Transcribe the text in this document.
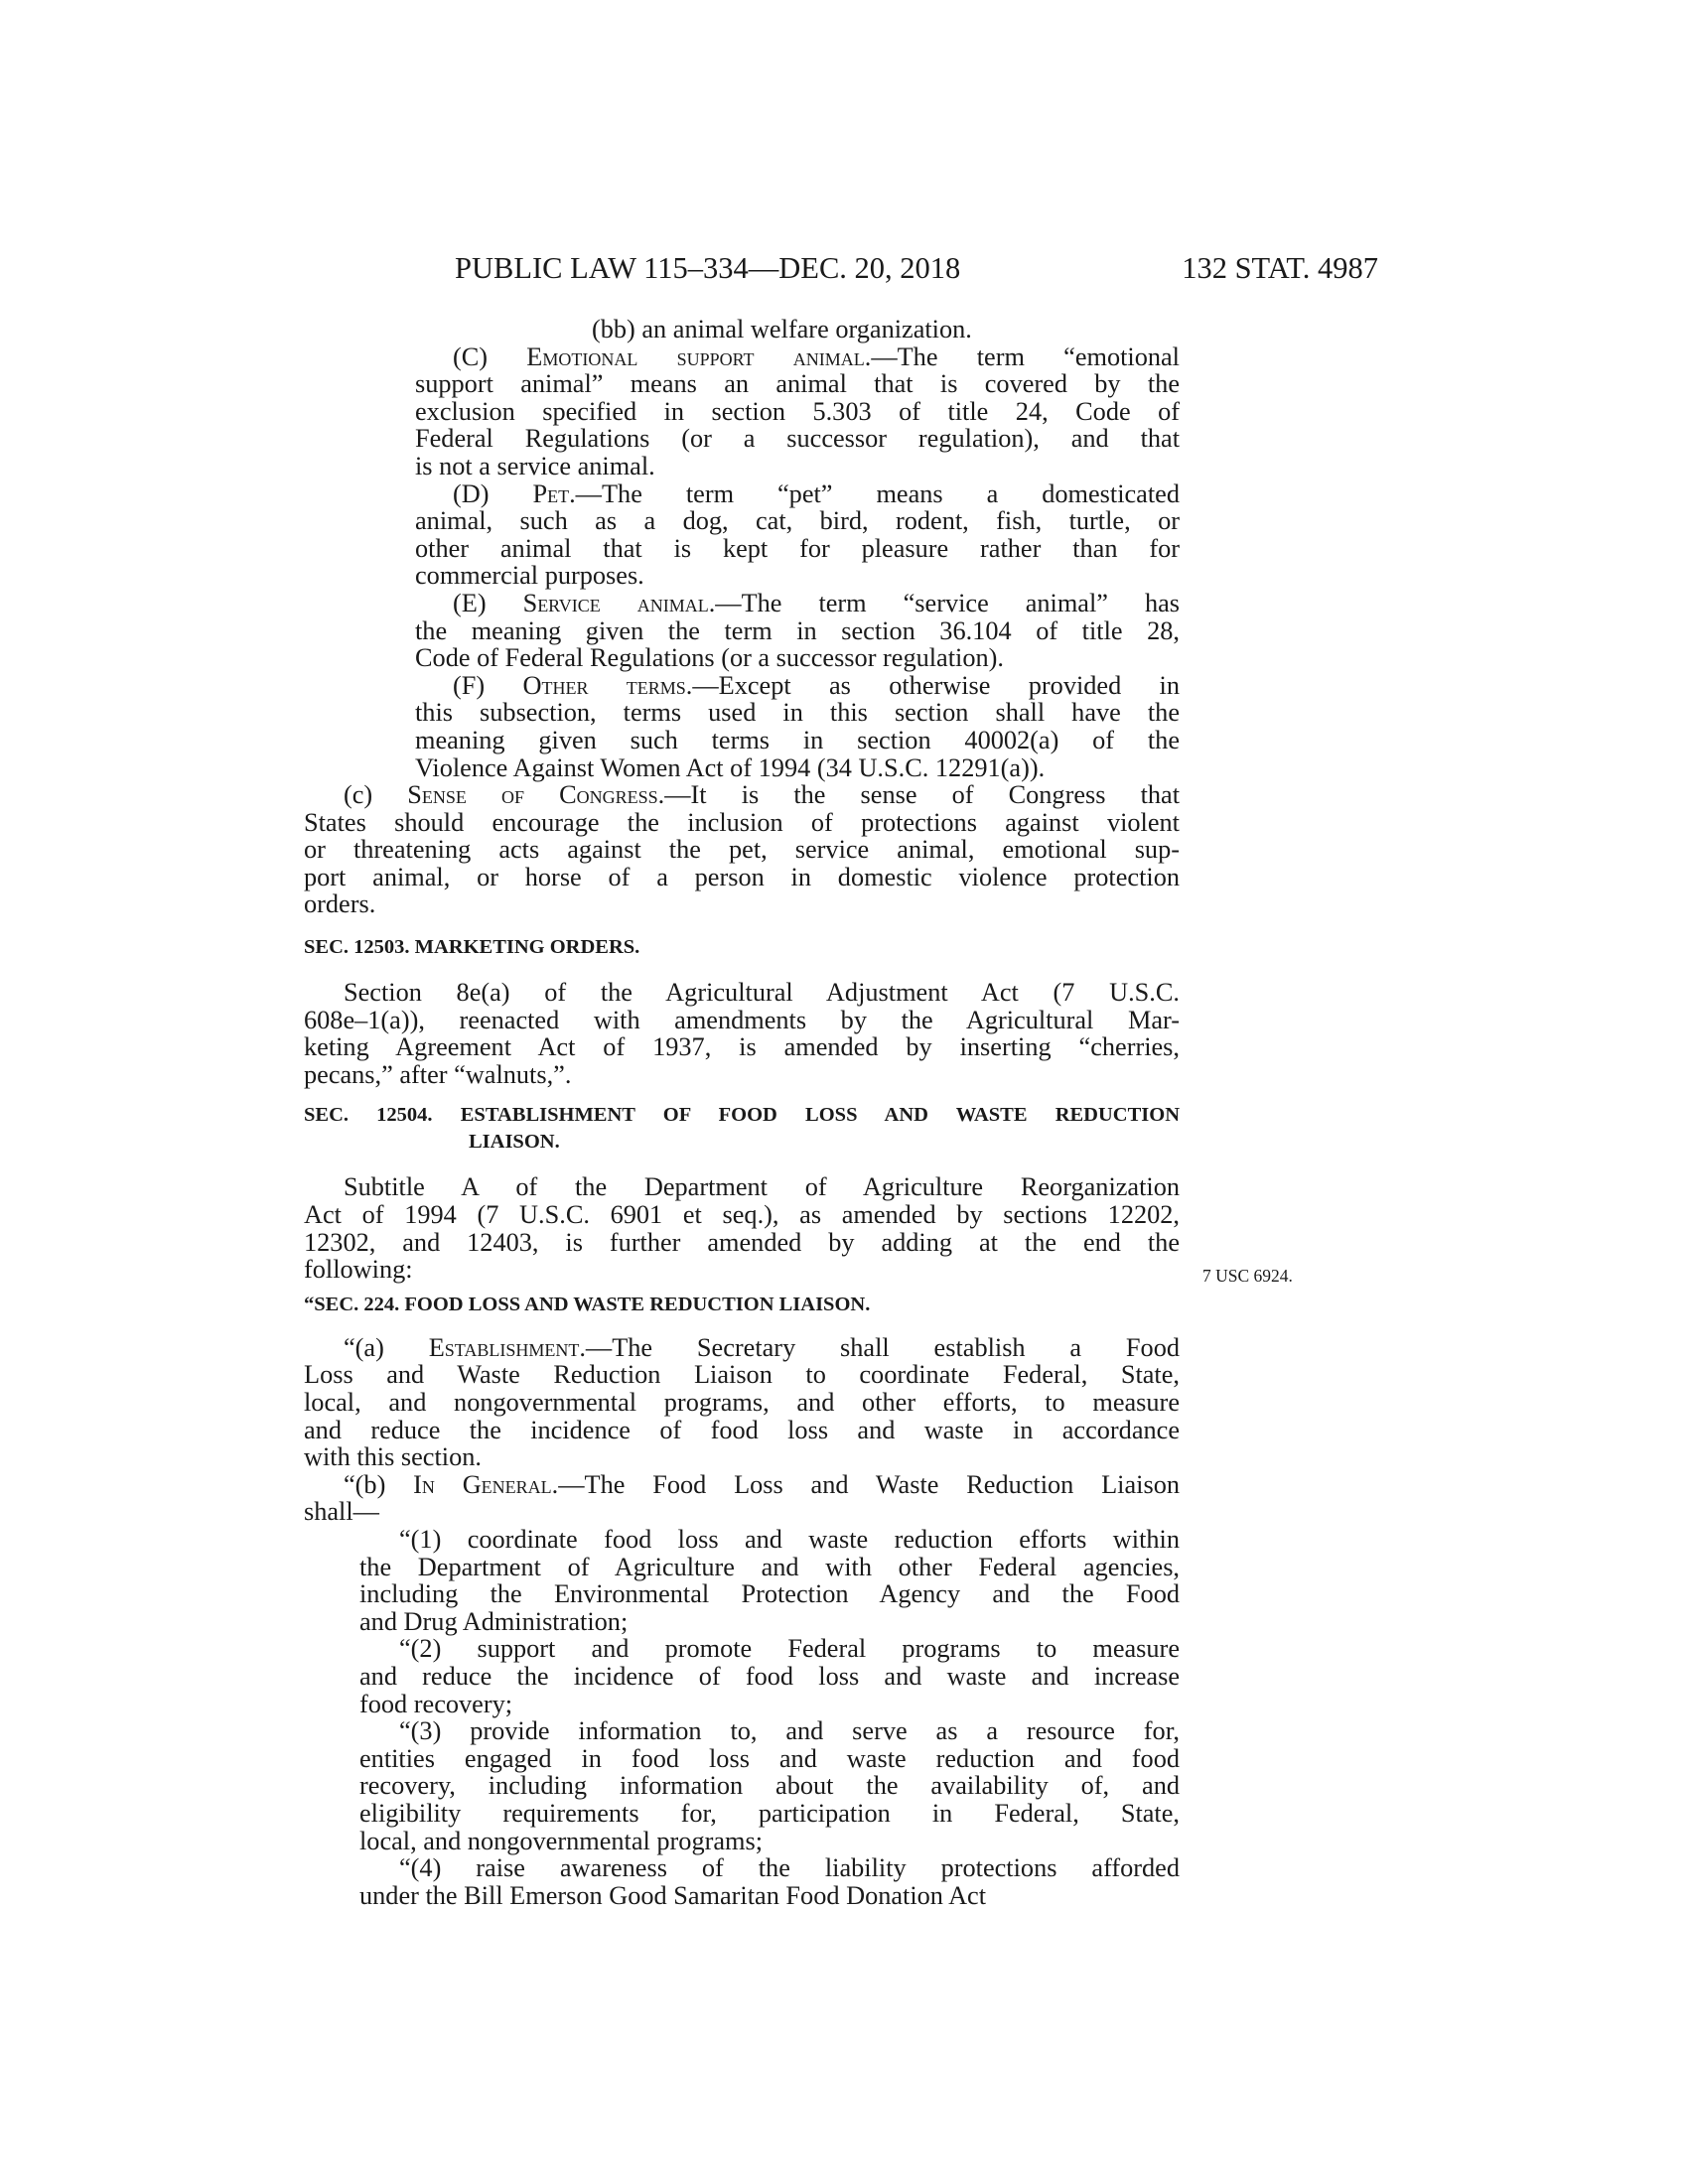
PUBLIC LAW 115–334—DEC. 20, 2018	132 STAT. 4987
7 USC 6924.
(bb) an animal welfare organization.
(C) Emotional support animal.—The term “emotional
support animal” means an animal that is covered by the
exclusion specified in section 5.303 of title 24, Code of
Federal Regulations (or a successor regulation), and that
is not a service animal.
(D) Pet.—The term “pet” means a domesticated
animal, such as a dog, cat, bird, rodent, fish, turtle, or
other animal that is kept for pleasure rather than for
commercial purposes.
(E) Service animal.—The term “service animal” has
the meaning given the term in section 36.104 of title 28,
Code of Federal Regulations (or a successor regulation).
(F) Other terms.—Except as otherwise provided in
this subsection, terms used in this section shall have the
meaning given such terms in section 40002(a) of the
Violence Against Women Act of 1994 (34 U.S.C. 12291(a)).
(c) Sense of Congress.—It is the sense of Congress that
States should encourage the inclusion of protections against violent
or threatening acts against the pet, service animal, emotional sup-
port animal, or horse of a person in domestic violence protection
orders.
SEC. 12503. MARKETING ORDERS.
Section 8e(a) of the Agricultural Adjustment Act (7 U.S.C.
608e–1(a)), reenacted with amendments by the Agricultural Mar-
keting Agreement Act of 1937, is amended by inserting “cherries,
pecans,” after “walnuts,”.
SEC. 12504. ESTABLISHMENT OF FOOD LOSS AND WASTE REDUCTION
LIAISON.
Subtitle A of the Department of Agriculture Reorganization
Act of 1994 (7 U.S.C. 6901 et seq.), as amended by sections 12202,
12302, and 12403, is further amended by adding at the end the
following:
“SEC. 224. FOOD LOSS AND WASTE REDUCTION LIAISON.
“(a) Establishment.—The Secretary shall establish a Food
Loss and Waste Reduction Liaison to coordinate Federal, State,
local, and nongovernmental programs, and other efforts, to measure
and reduce the incidence of food loss and waste in accordance
with this section.
“(b) In General.—The Food Loss and Waste Reduction Liaison
shall—
“(1) coordinate food loss and waste reduction efforts within
the Department of Agriculture and with other Federal agencies,
including the Environmental Protection Agency and the Food
and Drug Administration;
“(2) support and promote Federal programs to measure
and reduce the incidence of food loss and waste and increase
food recovery;
“(3) provide information to, and serve as a resource for,
entities engaged in food loss and waste reduction and food
recovery, including information about the availability of, and
eligibility requirements for, participation in Federal, State,
local, and nongovernmental programs;
“(4) raise awareness of the liability protections afforded
under the Bill Emerson Good Samaritan Food Donation Act
